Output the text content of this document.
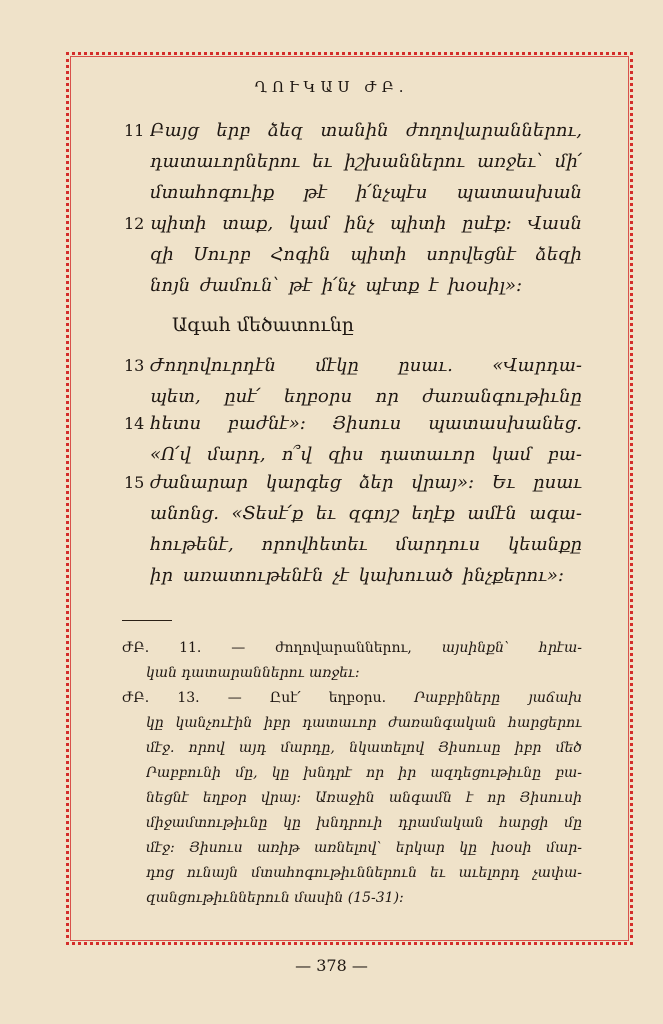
ՂՈՒԿԱՍ ԺԲ.
11 Բայց երբ ձեզ տանին ժողովարաններու,
դատաւորներու եւ իշխաններու առջեւ՝ մի՛
մտահոգուիք թէ ի՛նչպէս պատասխան
12 պիտի տաք, կամ ինչ պիտի ըսէք: Վասն
զի Սուրբ Հոգին պիտի սորվեցնէ ձեզի
նոյն ժամուն՝ թէ ի՛նչ պէտք է խօսիլ»:
Ագահ մեծատունը
13 Ժողովուրդէն մէկը ըսաւ. «Վարդա-
պետ, ըսէ՛ եղբօրս որ ժառանգութիւնը
14 հետս բաժնէ»: Յիսուս պատասխանեց.
«Ո՛վ մարդ, ո՞վ զիս դատաւոր կամ բա-
15 ժանարար կարգեց ձեր վրայ»: Եւ ըսաւ
անոնց. «Տեսէ՛ք եւ զգոյշ եղէք ամէն ագա-
հութենէ, որովհետեւ մարդուս կեանքը
իր առատութենէն չէ կախուած ինչքերու»:
ԺԲ. 11. — ժողովարաններու, այսինքն՝ հրէա-
կան դատարաններու առջեւ:
ԺԲ. 13. — Ըսէ՛ եղբօրս. Րաբբիները յաճախ
կը կանչուէին իբր դատաւոր ժառանգական հարցերու
մէջ. որով այդ մարդը, նկատելով Յիսուսը իբր մեծ
Րաբբունի մը, կը խնդրէ որ իր ազդեցութիւնը բա-
նեցնէ եղբօր վրայ: Առաջին անգամն է որ Յիսուսի
միջամտութիւնը կը խնդրուի դրամական հարցի մը
մէջ: Յիսուս առիթ առնելով՝ երկար կը խօսի մար-
դոց ունայն մտահոգութիւններուն եւ աւելորդ չափա-
զանցութիւններուն մասին (15-31):
— 378 —
